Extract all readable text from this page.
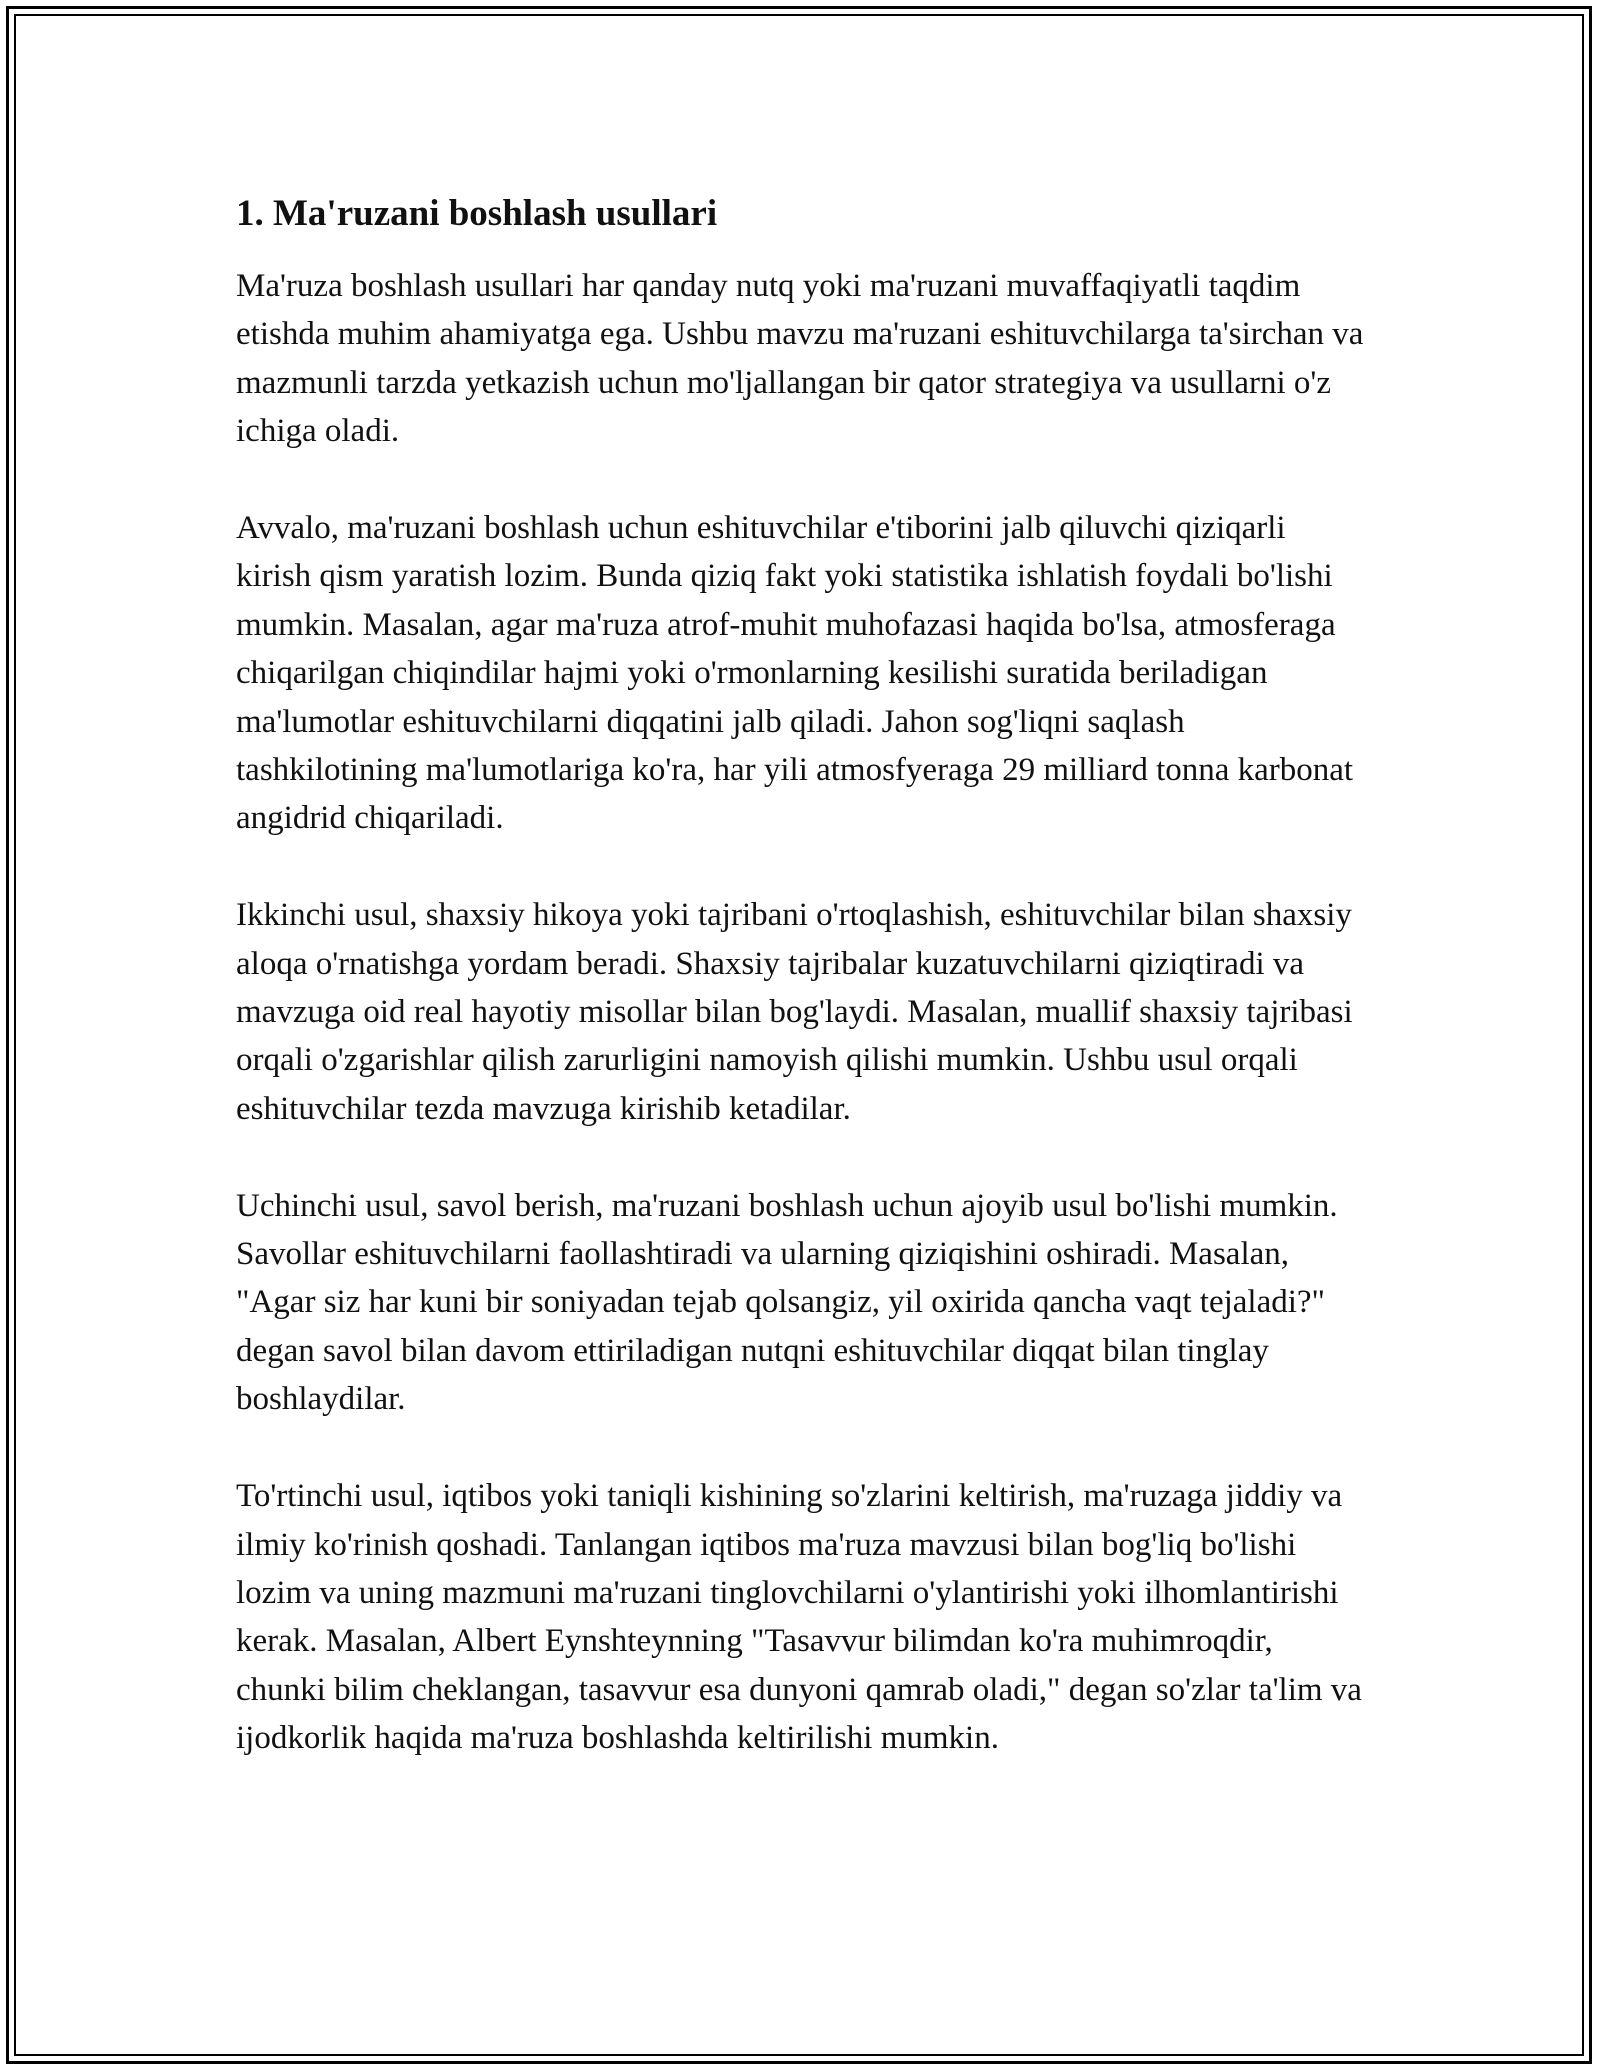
1. Ma'ruzani boshlash usullari

Ma'ruza boshlash usullari har qanday nutq yoki ma'ruzani muvaffaqiyatli taqdim etishda muhim ahamiyatga ega. Ushbu mavzu ma'ruzani eshituvchilarga ta'sirchan va mazmunli tarzda yetkazish uchun mo'ljallangan bir qator strategiya va usullarni o'z ichiga oladi.

Avvalo, ma'ruzani boshlash uchun eshituvchilar e'tiborini jalb qiluvchi qiziqarli kirish qism yaratish lozim. Bunda qiziq fakt yoki statistika ishlatish foydali bo'lishi mumkin. Masalan, agar ma'ruza atrof-muhit muhofazasi haqida bo'lsa, atmosferaga chiqarilgan chiqindilar hajmi yoki o'rmonlarning kesilishi suratida beriladigan ma'lumotlar eshituvchilarni diqqatini jalb qiladi. Jahon sog'liqni saqlash tashkilotining ma'lumotlariga ko'ra, har yili atmosfyeraga 29 milliard tonna karbonat angidrid chiqariladi.

Ikkinchi usul, shaxsiy hikoya yoki tajribani o'rtoqlashish, eshituvchilar bilan shaxsiy aloqa o'rnatishga yordam beradi. Shaxsiy tajribalar kuzatuvchilarni qiziqtiradi va mavzuga oid real hayotiy misollar bilan bog'laydi. Masalan, muallif shaxsiy tajribasi orqali o'zgarishlar qilish zarurligini namoyish qilishi mumkin. Ushbu usul orqali eshituvchilar tezda mavzuga kirishib ketadilar.

Uchinchi usul, savol berish, ma'ruzani boshlash uchun ajoyib usul bo'lishi mumkin. Savollar eshituvchilarni faollashtiradi va ularning qiziqishini oshiradi. Masalan, "Agar siz har kuni bir soniyadan tejab qolsangiz, yil oxirida qancha vaqt tejaladi?" degan savol bilan davom ettiriladigan nutqni eshituvchilar diqqat bilan tinglay boshlaydilar.

To'rtinchi usul, iqtibos yoki taniqli kishining so'zlarini keltirish, ma'ruzaga jiddiy va ilmiy ko'rinish qoshadi. Tanlangan iqtibos ma'ruza mavzusi bilan bog'liq bo'lishi lozim va uning mazmuni ma'ruzani tinglovchilarni o'ylantirishi yoki ilhomlantirishi kerak. Masalan, Albert Eynshteynning "Tasavvur bilimdan ko'ra muhimroqdir, chunki bilim cheklangan, tasavvur esa dunyoni qamrab oladi," degan so'zlar ta'lim va ijodkorlik haqida ma'ruza boshlashda keltirilishi mumkin.
